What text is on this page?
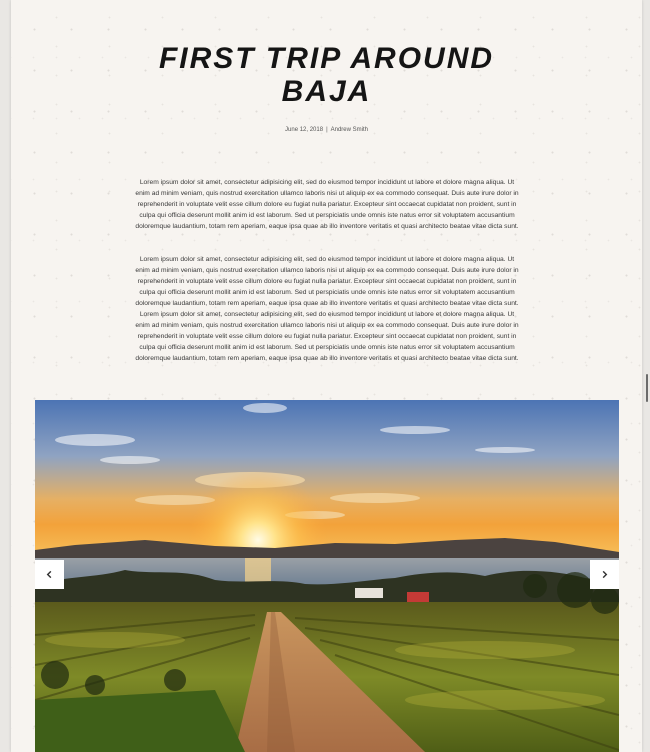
FIRST TRIP AROUND
BAJA
June 12, 2018 | Andrew Smith

Lorem ipsum dolor sit amet, consectetur adipisicing elit, sed do eiusmod tempor incididunt ut labore et dolore magna aliqua. Ut enim ad minim veniam, quis nostrud exercitation ullamco laboris nisi ut aliquip ex ea commodo consequat. Duis aute irure dolor in reprehenderit in voluptate velit esse cillum dolore eu fugiat nulla pariatur. Excepteur sint occaecat cupidatat non proident, sunt in culpa qui officia deserunt mollit anim id est laborum. Sed ut perspiciatis unde omnis iste natus error sit voluptatem accusantium doloremque laudantium, totam rem aperiam, eaque ipsa quae ab illo inventore veritatis et quasi architecto beatae vitae dicta sunt.

Lorem ipsum dolor sit amet, consectetur adipisicing elit, sed do eiusmod tempor incididunt ut labore et dolore magna aliqua. Ut enim ad minim veniam, quis nostrud exercitation ullamco laboris nisi ut aliquip ex ea commodo consequat. Duis aute irure dolor in reprehenderit in voluptate velit esse cillum dolore eu fugiat nulla pariatur. Excepteur sint occaecat cupidatat non proident, sunt in culpa qui officia deserunt mollit anim id est laborum. Sed ut perspiciatis unde omnis iste natus error sit voluptatem accusantium doloremque laudantium, totam rem aperiam, eaque ipsa quae ab illo inventore veritatis et quasi architecto beatae vitae dicta sunt. Lorem ipsum dolor sit amet, consectetur adipisicing elit, sed do eiusmod tempor incididunt ut labore et dolore magna aliqua. Ut enim ad minim veniam, quis nostrud exercitation ullamco laboris nisi ut aliquip ex ea commodo consequat. Duis aute irure dolor in reprehenderit in voluptate velit esse cillum dolore eu fugiat nulla pariatur. Excepteur sint occaecat cupidatat non proident, sunt in culpa qui officia deserunt mollit anim id est laborum. Sed ut perspiciatis unde omnis iste natus error sit voluptatem accusantium doloremque laudantium, totam rem aperiam, eaque ipsa quae ab illo inventore veritatis et quasi architecto beatae vitae dicta sunt.
